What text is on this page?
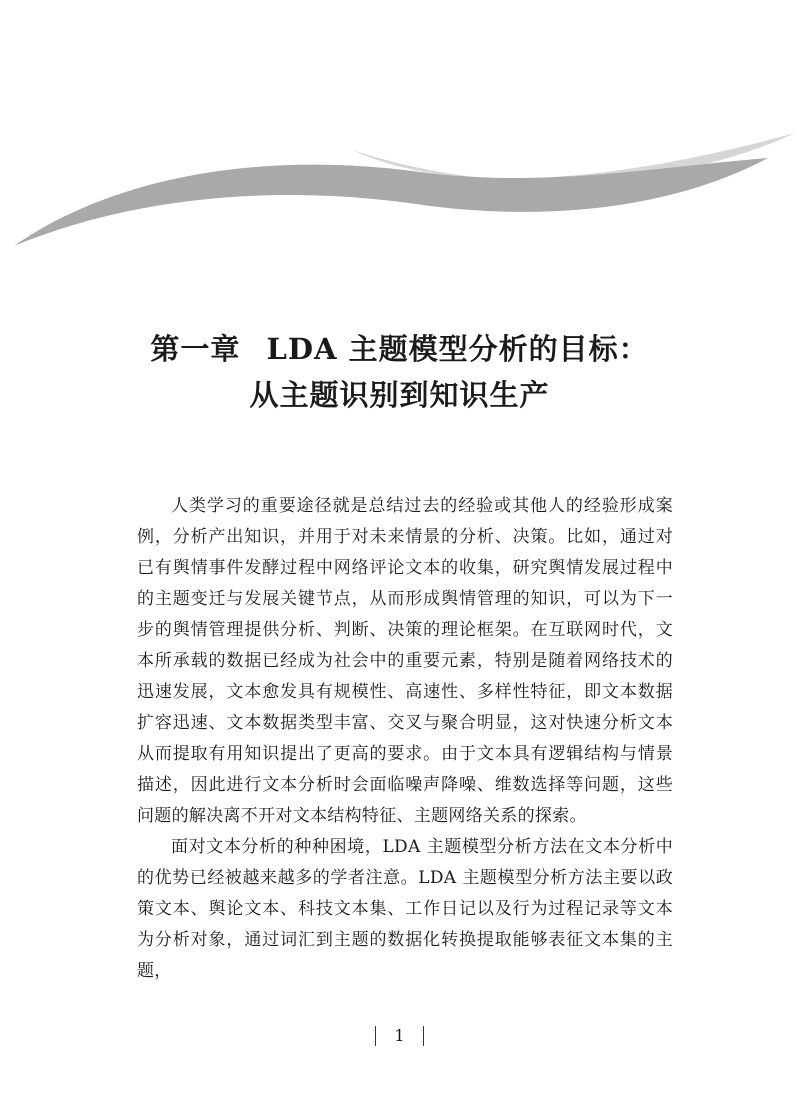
第一章 LDA 主题模型分析的目标：
从主题识别到知识生产

人类学习的重要途径就是总结过去的经验或其他人的经验形成案例，分析产出知识，并用于对未来情景的分析、决策。比如，通过对已有舆情事件发酵过程中网络评论文本的收集，研究舆情发展过程中的主题变迁与发展关键节点，从而形成舆情管理的知识，可以为下一步的舆情管理提供分析、判断、决策的理论框架。在互联网时代，文本所承载的数据已经成为社会中的重要元素，特别是随着网络技术的迅速发展，文本愈发具有规模性、高速性、多样性特征，即文本数据扩容迅速、文本数据类型丰富、交叉与聚合明显，这对快速分析文本从而提取有用知识提出了更高的要求。由于文本具有逻辑结构与情景描述，因此进行文本分析时会面临噪声降噪、维数选择等问题，这些问题的解决离不开对文本结构特征、主题网络关系的探索。

面对文本分析的种种困境，LDA 主题模型分析方法在文本分析中的优势已经被越来越多的学者注意。LDA 主题模型分析方法主要以政策文本、舆论文本、科技文本集、工作日记以及行为过程记录等文本为分析对象，通过词汇到主题的数据化转换提取能够表征文本集的主题，

1
